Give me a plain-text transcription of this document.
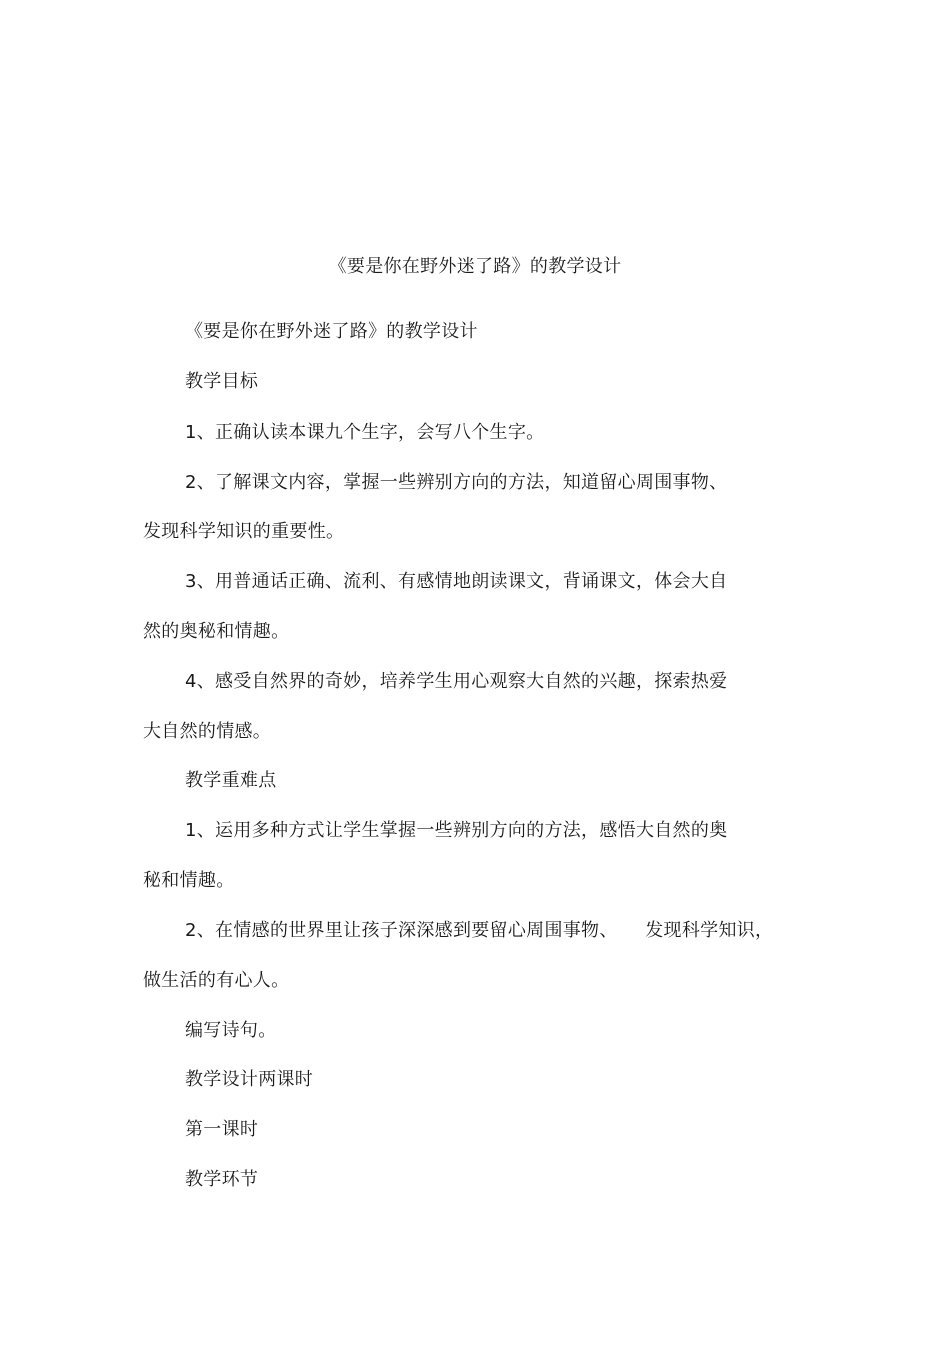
《要是你在野外迷了路》的教学设计
《要是你在野外迷了路》的教学设计
教学目标
1、正确认读本课九个生字，会写八个生字。
2、了解课文内容，掌握一些辨别方向的方法，知道留心周围事物、
发现科学知识的重要性。
3、用普通话正确、流利、有感情地朗读课文，背诵课文，体会大自
然的奥秘和情趣。
4、感受自然界的奇妙，培养学生用心观察大自然的兴趣，探索热爱
大自然的情感。
教学重难点
1、运用多种方式让学生掌握一些辨别方向的方法，感悟大自然的奥
秘和情趣。
2、在情感的世界里让孩子深深感到要留心周围事物、　　发现科学知识，
做生活的有心人。
编写诗句。
教学设计两课时
第一课时
教学环节
